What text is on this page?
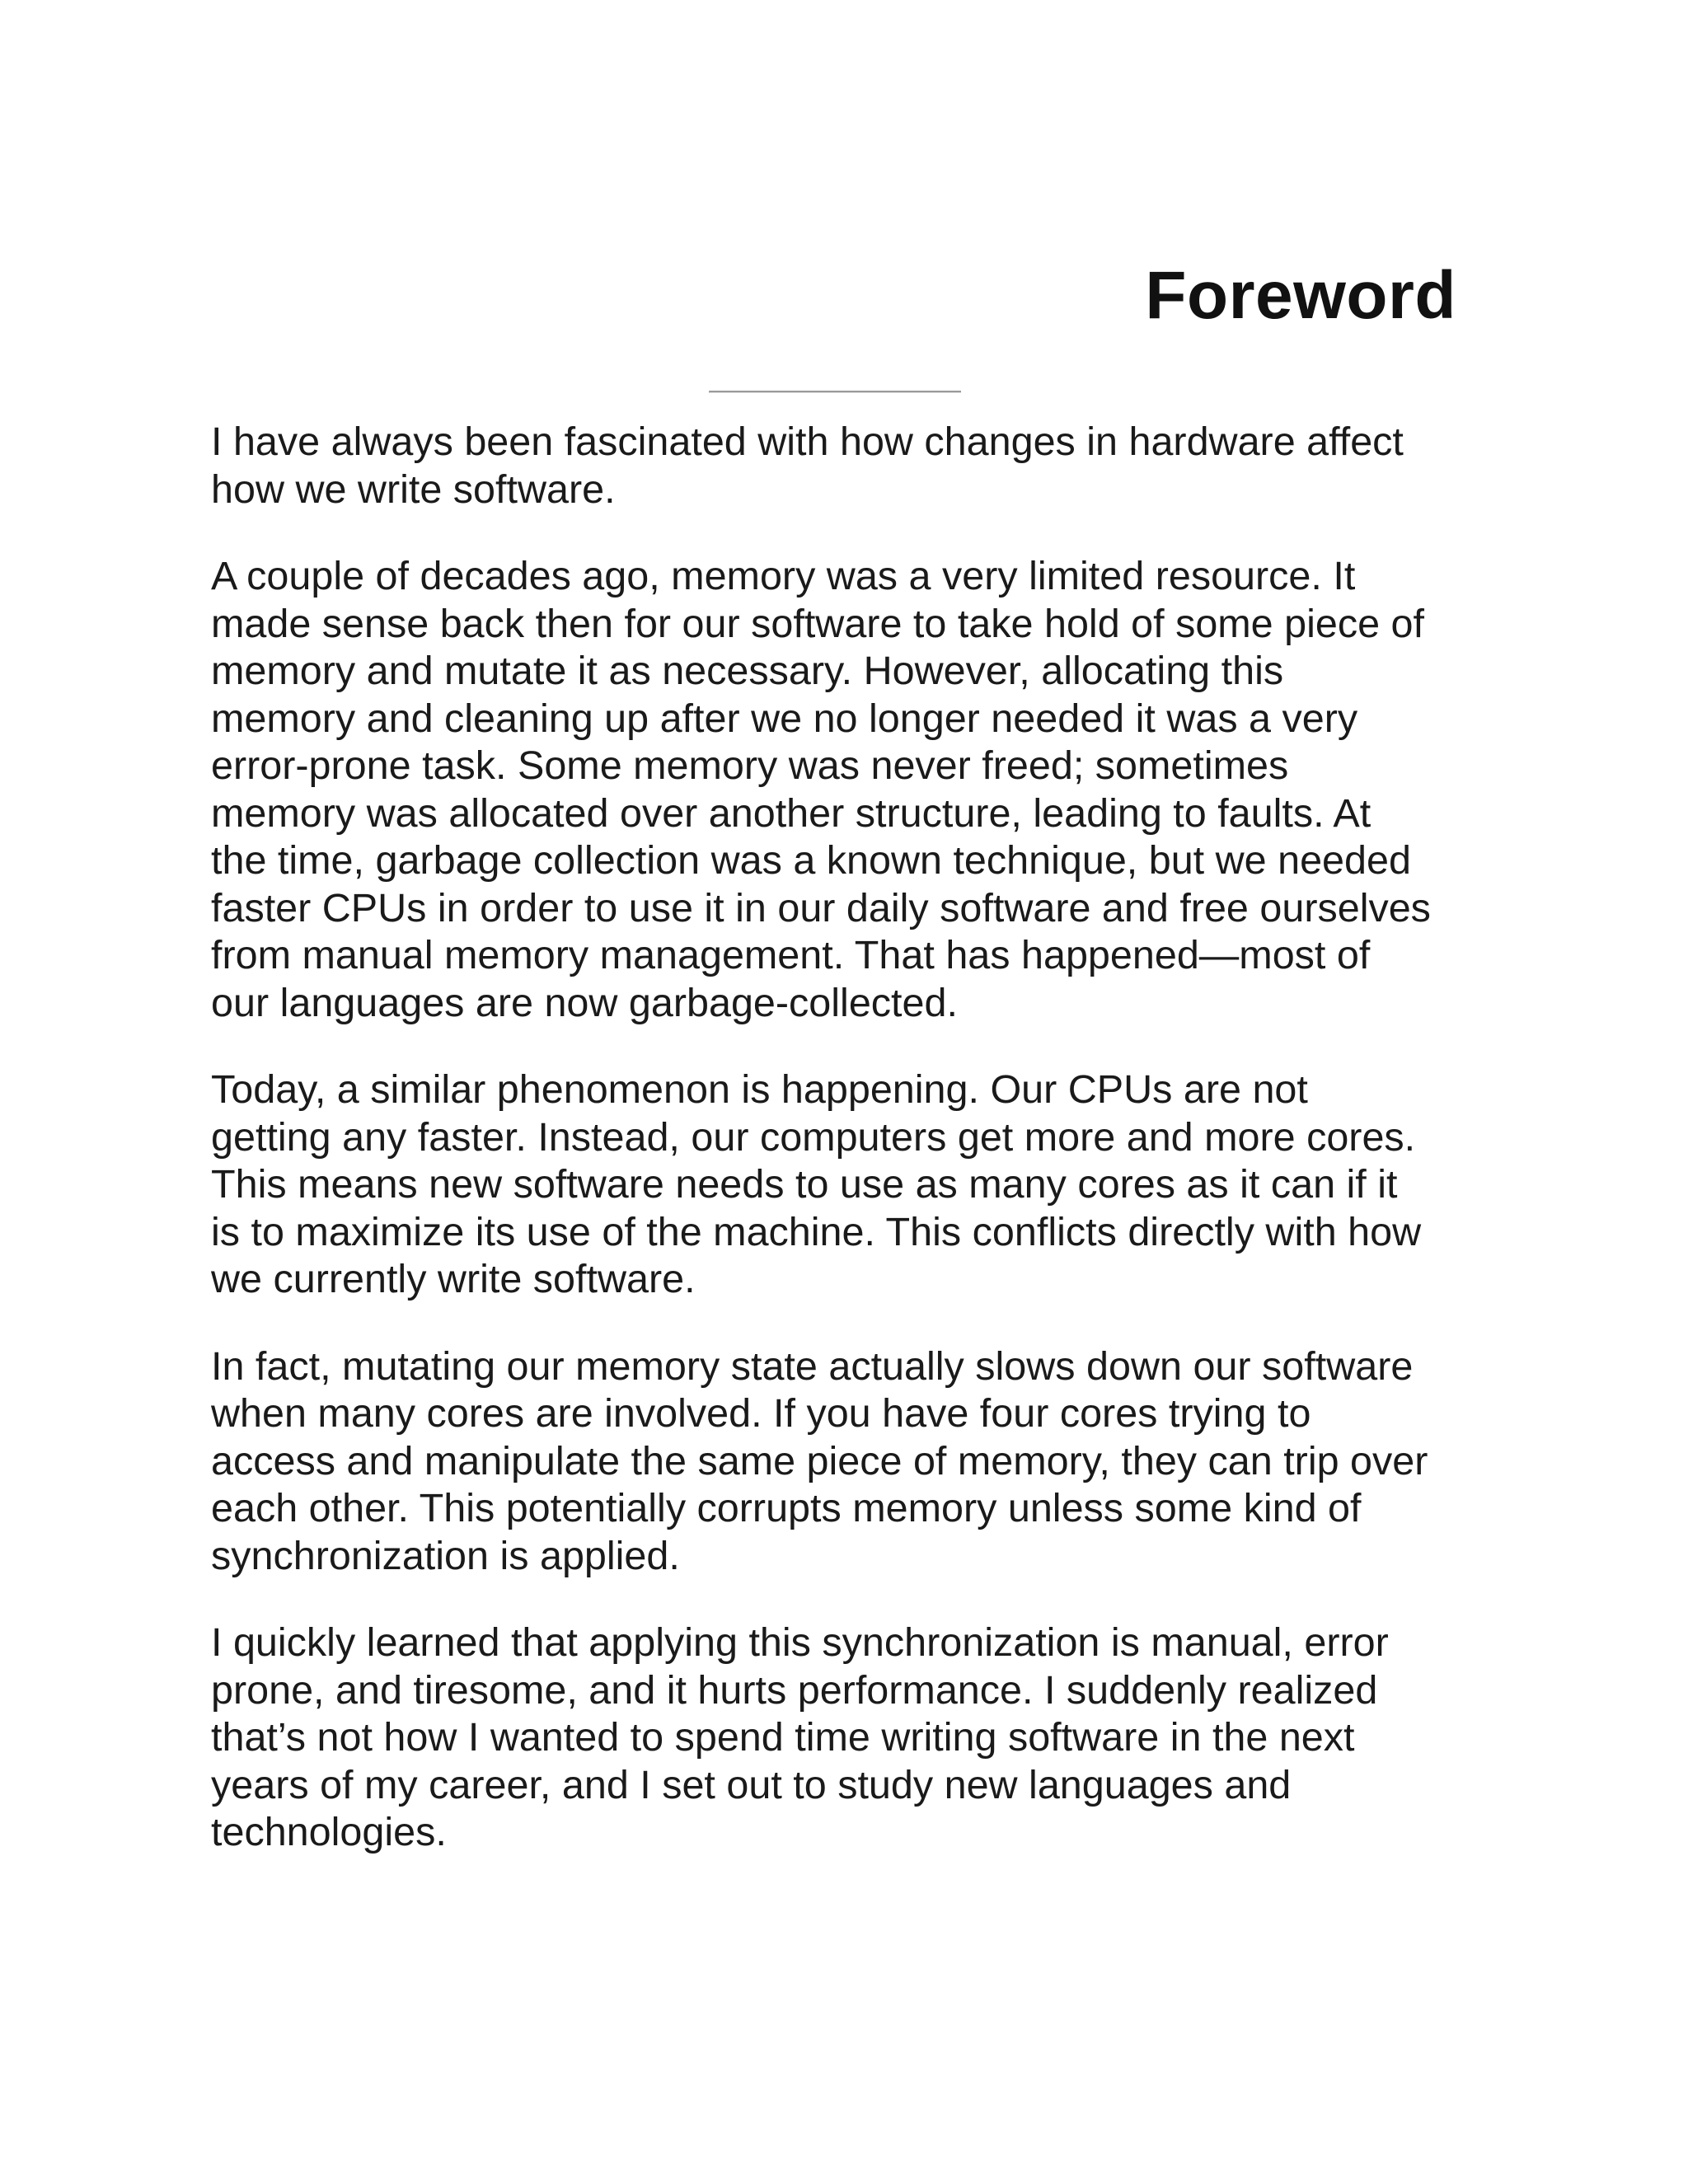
Foreword

I have always been fascinated with how changes in hardware affect
how we write software.

A couple of decades ago, memory was a very limited resource. It
made sense back then for our software to take hold of some piece of
memory and mutate it as necessary. However, allocating this
memory and cleaning up after we no longer needed it was a very
error-prone task. Some memory was never freed; sometimes
memory was allocated over another structure, leading to faults. At
the time, garbage collection was a known technique, but we needed
faster CPUs in order to use it in our daily software and free ourselves
from manual memory management. That has happened—most of
our languages are now garbage-collected.

Today, a similar phenomenon is happening. Our CPUs are not
getting any faster. Instead, our computers get more and more cores.
This means new software needs to use as many cores as it can if it
is to maximize its use of the machine. This conflicts directly with how
we currently write software.

In fact, mutating our memory state actually slows down our software
when many cores are involved. If you have four cores trying to
access and manipulate the same piece of memory, they can trip over
each other. This potentially corrupts memory unless some kind of
synchronization is applied.

I quickly learned that applying this synchronization is manual, error
prone, and tiresome, and it hurts performance. I suddenly realized
that’s not how I wanted to spend time writing software in the next
years of my career, and I set out to study new languages and
technologies.
